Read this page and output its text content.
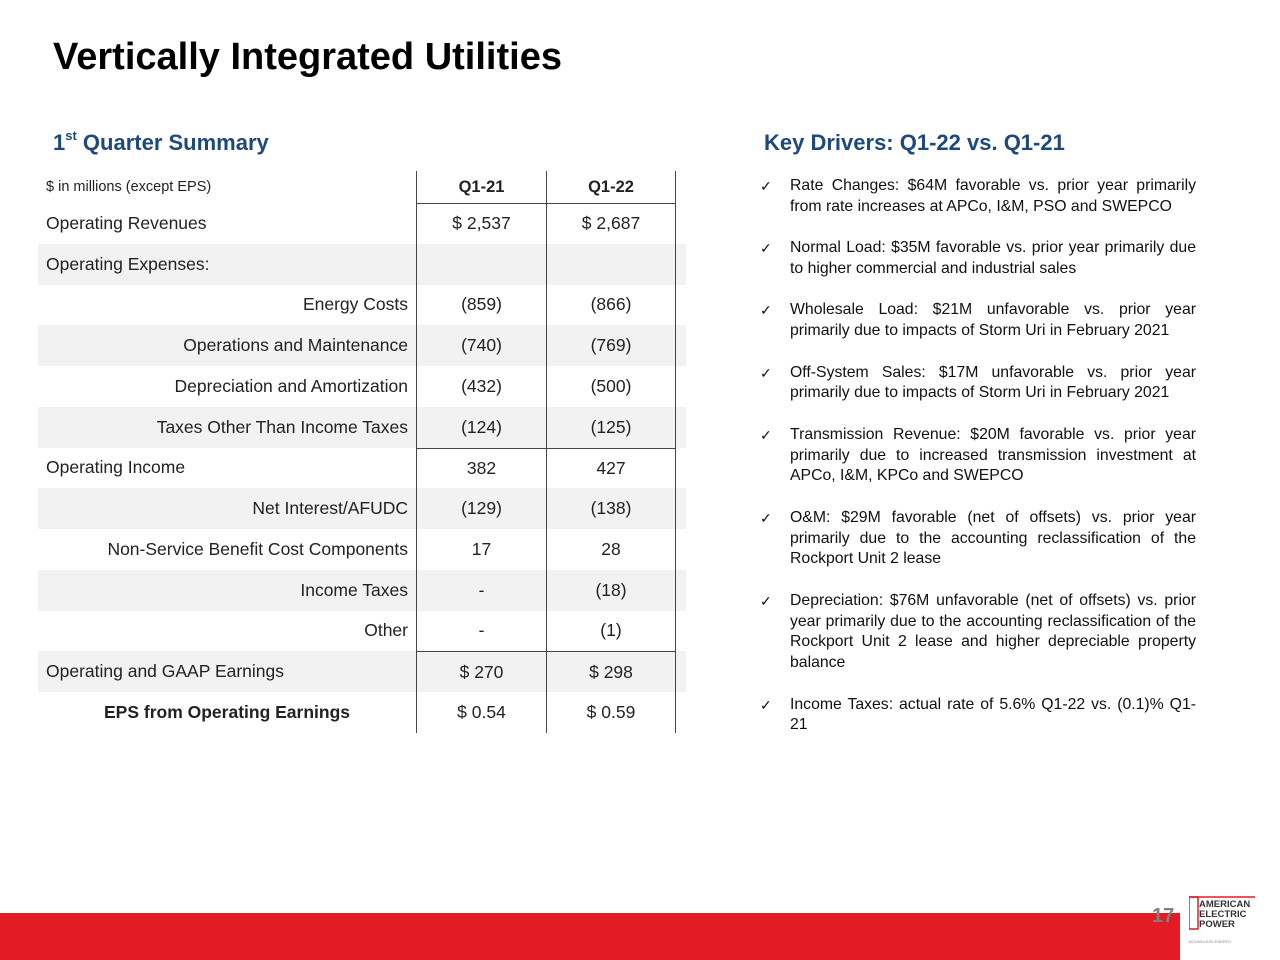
Vertically Integrated Utilities
1st Quarter Summary	Key Drivers: Q1-22 vs. Q1-21
$ in millions (except EPS)	Q1-21	Q1-22
Operating Revenues	$ 2,537	$ 2,687
Operating Expenses:
Energy Costs	(859)	(866)
Operations and Maintenance	(740)	(769)
Depreciation and Amortization	(432)	(500)
Taxes Other Than Income Taxes	(124)	(125)
Operating Income	382	427
Net Interest/AFUDC	(129)	(138)
Non-Service Benefit Cost Components	17	28
Income Taxes	-	(18)
Other	-	(1)
Operating and GAAP Earnings	$ 270	$ 298
EPS from Operating Earnings	$ 0.54	$ 0.59
✓	Rate Changes: $64M favorable vs. prior year primarily from rate increases at APCo, I&M, PSO and SWEPCO
✓	Normal Load: $35M favorable vs. prior year primarily due to higher commercial and industrial sales
✓	Wholesale Load: $21M unfavorable vs. prior year primarily due to impacts of Storm Uri in February 2021
✓	Off-System Sales: $17M unfavorable vs. prior year primarily due to impacts of Storm Uri in February 2021
✓	Transmission Revenue: $20M favorable vs. prior year primarily due to increased transmission investment at APCo, I&M, KPCo and SWEPCO
✓	O&M: $29M favorable (net of offsets) vs. prior year primarily due to the accounting reclassification of the Rockport Unit 2 lease
✓	Depreciation: $76M unfavorable (net of offsets) vs. prior year primarily due to the accounting reclassification of the Rockport Unit 2 lease and higher depreciable property balance
✓	Income Taxes: actual rate of 5.6% Q1-22 vs. (0.1)% Q1-21
17
AMERICAN
ELECTRIC
POWER
BOUNDLESS ENERGY
